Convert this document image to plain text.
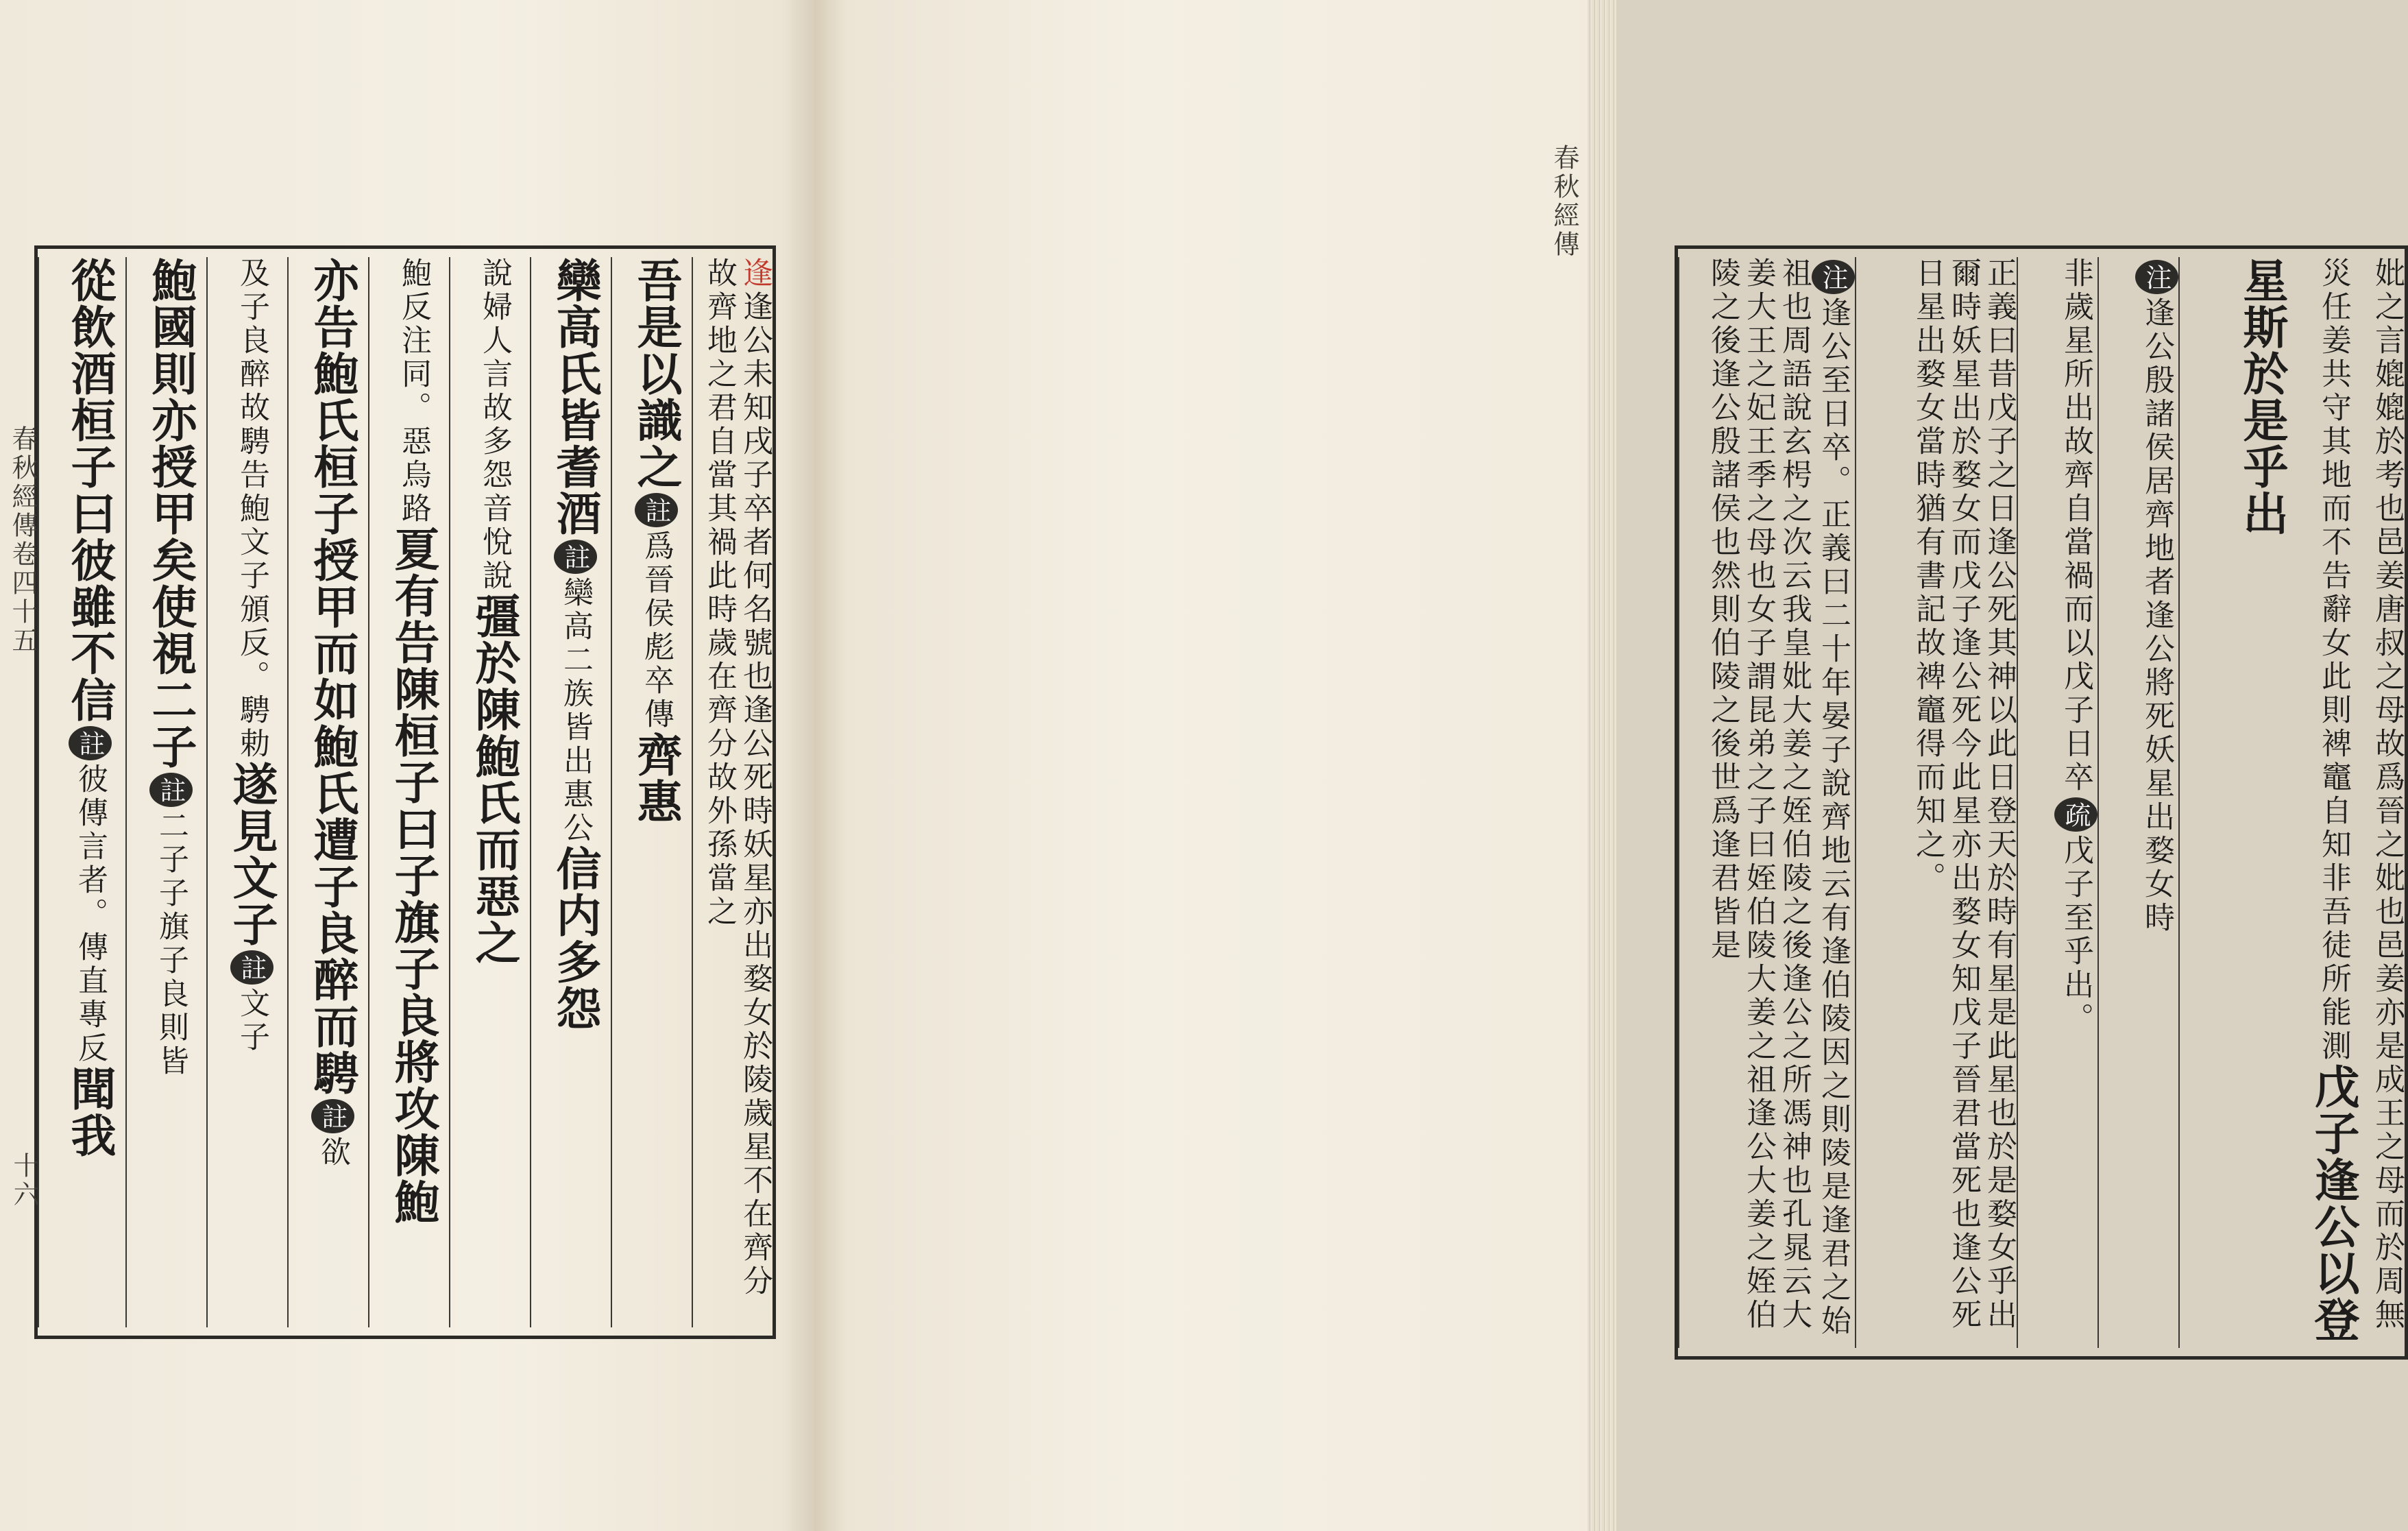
逢逢公未知戌子卒者何名號也逢公死時妖星亦出婺女於陵歲星不在齊分故齊地之君自當其禍此時歲在齊分故外孫當之
吾是以識之註爲晉侯彪卒傳齊惠
欒高氏皆耆酒註欒高二族皆出惠公信内多怨
說婦人言故多怨音悅說彊於陳鮑氏而惡之
鮑反注同。惡烏路夏有告陳桓子曰子旗子良將攻陳鮑
亦告鮑氏桓子授甲而如鮑氏遭子良醉而騁註欲
及子良醉故騁告鮑文子頒反。騁勅遂見文子註文子
鮑國則亦授甲矣使視二子註二子子旗子良則皆
從飲酒桓子曰彼雖不信註彼傳言者。傳直專反聞我
春秋經傳卷四十五
十六	妣之言媲媲於考也邑姜唐叔之母故爲晉之妣也邑姜亦是成王之母而於周無災任姜共守其地而不告辭女此則裨竈自知非吾徒所能測戊子逢公以登星斯於是乎出
注逢公殷諸侯居齊地者逢公將死妖星出婺女時
非歲星所出故齊自當禍而以戊子日卒疏戊子至乎出。
正義曰昔戊子之日逢公死其神以此日登天於時有星是此星也於是婺女乎出爾時妖星出於婺女而戊子逢公死今此星亦出婺女知戊子晉君當死也逢公死日星出婺女當時猶有書記故裨竈得而知之。
注逢公至日卒。正義曰二十年晏子說齊地云有逢伯陵因之則陵是逢君之始祖也周語說玄枵之次云我皇妣大姜之姪伯陵之後逢公之所馮神也孔晁云大姜大王之妃王季之母也女子謂昆弟之子曰姪伯陵大姜之祖逢公大姜之姪伯陵之後逢公殷諸侯也然則伯陵之後世爲逢君皆是
春秋經傳
